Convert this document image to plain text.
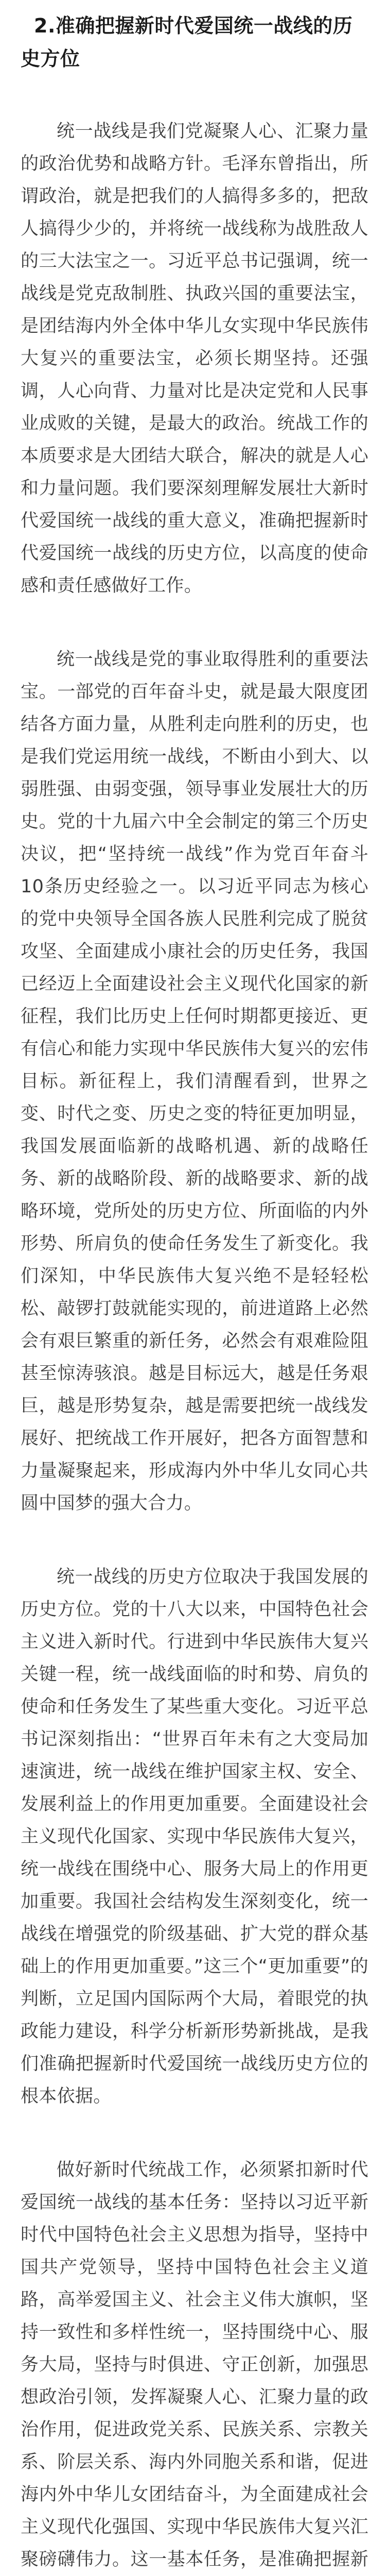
2.准确把握新时代爱国统一战线的历史方位

统一战线是我们党凝聚人心、汇聚力量的政治优势和战略方针。毛泽东曾指出，所谓政治，就是把我们的人搞得多多的，把敌人搞得少少的，并将统一战线称为战胜敌人的三大法宝之一。习近平总书记强调，统一战线是党克敌制胜、执政兴国的重要法宝，是团结海内外全体中华儿女实现中华民族伟大复兴的重要法宝，必须长期坚持。还强调，人心向背、力量对比是决定党和人民事业成败的关键，是最大的政治。统战工作的本质要求是大团结大联合，解决的就是人心和力量问题。我们要深刻理解发展壮大新时代爱国统一战线的重大意义，准确把握新时代爱国统一战线的历史方位，以高度的使命感和责任感做好工作。

统一战线是党的事业取得胜利的重要法宝。一部党的百年奋斗史，就是最大限度团结各方面力量，从胜利走向胜利的历史，也是我们党运用统一战线，不断由小到大、以弱胜强、由弱变强，领导事业发展壮大的历史。党的十九届六中全会制定的第三个历史决议，把“坚持统一战线”作为党百年奋斗10条历史经验之一。以习近平同志为核心的党中央领导全国各族人民胜利完成了脱贫攻坚、全面建成小康社会的历史任务，我国已经迈上全面建设社会主义现代化国家的新征程，我们比历史上任何时期都更接近、更有信心和能力实现中华民族伟大复兴的宏伟目标。新征程上，我们清醒看到，世界之变、时代之变、历史之变的特征更加明显，我国发展面临新的战略机遇、新的战略任务、新的战略阶段、新的战略要求、新的战略环境，党所处的历史方位、所面临的内外形势、所肩负的使命任务发生了新变化。我们深知，中华民族伟大复兴绝不是轻轻松松、敲锣打鼓就能实现的，前进道路上必然会有艰巨繁重的新任务，必然会有艰难险阻甚至惊涛骇浪。越是目标远大，越是任务艰巨，越是形势复杂，越是需要把统一战线发展好、把统战工作开展好，把各方面智慧和力量凝聚起来，形成海内外中华儿女同心共圆中国梦的强大合力。

统一战线的历史方位取决于我国发展的历史方位。党的十八大以来，中国特色社会主义进入新时代。行进到中华民族伟大复兴关键一程，统一战线面临的时和势、肩负的使命和任务发生了某些重大变化。习近平总书记深刻指出：“世界百年未有之大变局加速演进，统一战线在维护国家主权、安全、发展利益上的作用更加重要。全面建设社会主义现代化国家、实现中华民族伟大复兴，统一战线在围绕中心、服务大局上的作用更加重要。我国社会结构发生深刻变化，统一战线在增强党的阶级基础、扩大党的群众基础上的作用更加重要。”这三个“更加重要”的判断，立足国内国际两个大局，着眼党的执政能力建设，科学分析新形势新挑战，是我们准确把握新时代爱国统一战线历史方位的根本依据。

做好新时代统战工作，必须紧扣新时代爱国统一战线的基本任务：坚持以习近平新时代中国特色社会主义思想为指导，坚持中国共产党领导，坚持中国特色社会主义道路，高举爱国主义、社会主义伟大旗帜，坚持一致性和多样性统一，坚持围绕中心、服务大局，坚持与时俱进、守正创新，加强思想政治引领，发挥凝聚人心、汇聚力量的政治作用，促进政党关系、民族关系、宗教关系、阶层关系、海内外同胞关系和谐，促进海内外中华儿女团结奋斗，为全面建成社会主义现代化强国、实现中华民族伟大复兴汇聚磅礴伟力。这一基本任务，是准确把握新
